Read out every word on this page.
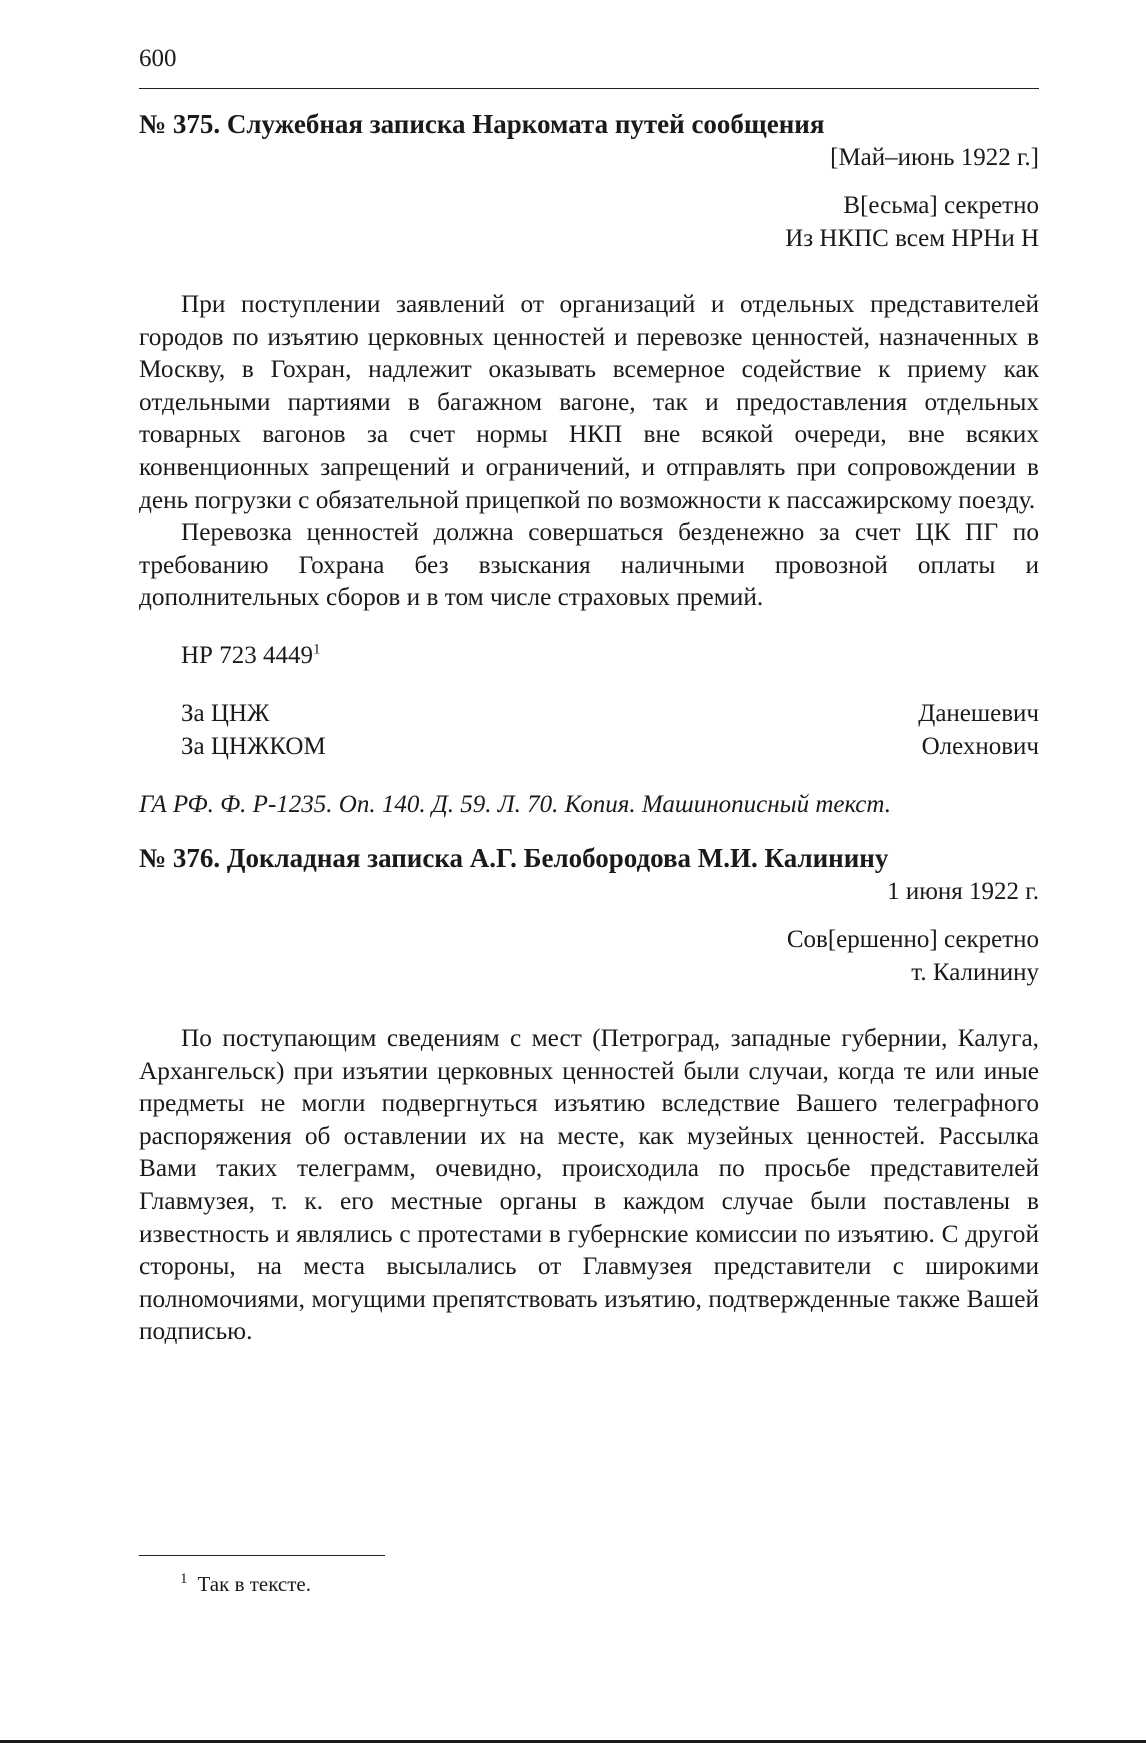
600
№ 375. Служебная записка Наркомата путей сообщения
[Май–июнь 1922 г.]
В[есьма] секретно
Из НКПС всем НРНи Н

При поступлении заявлений от организаций и отдельных представителей городов по изъятию церковных ценностей и перевозке ценностей, назначенных в Москву, в Гохран, надлежит оказывать всемерное содействие к приему как отдельными партиями в багажном вагоне, так и предоставления отдельных товарных вагонов за счет нормы НКП вне всякой очереди, вне всяких конвенционных запрещений и ограничений, и отправлять при сопровождении в день погрузки с обязательной прицепкой по возможности к пассажирскому поезду.

Перевозка ценностей должна совершаться безденежно за счет ЦК ПГ по требованию Гохрана без взыскания наличными провозной оплаты и дополнительных сборов и в том числе страховых премий.

НР 723 4449$^1$
За ЦНЖ	Данешевич
За ЦНЖКОМ	Олехнович
ГА РФ. Ф. Р-1235. Оп. 140. Д. 59. Л. 70. Копия. Машинописный текст.
№ 376. Докладная записка А.Г. Белобородова М.И. Калинину
1 июня 1922 г.
Сов[ершенно] секретно
т. Калинину

По поступающим сведениям с мест (Петроград, западные губернии, Калуга, Архангельск) при изъятии церковных ценностей были случаи, когда те или иные предметы не могли подвергнуться изъятию вследствие Вашего телеграфного распоряжения об оставлении их на месте, как музейных ценностей. Рассылка Вами таких телеграмм, очевидно, происходила по просьбе представителей Главмузея, т. к. его местные органы в каждом случае были поставлены в известность и являлись с протестами в губернские комиссии по изъятию. С другой стороны, на места высылались от Главмузея представители с широкими полномочиями, могущими препятствовать изъятию, подтвержденные также Вашей подписью.

$^1$ Так в тексте.
